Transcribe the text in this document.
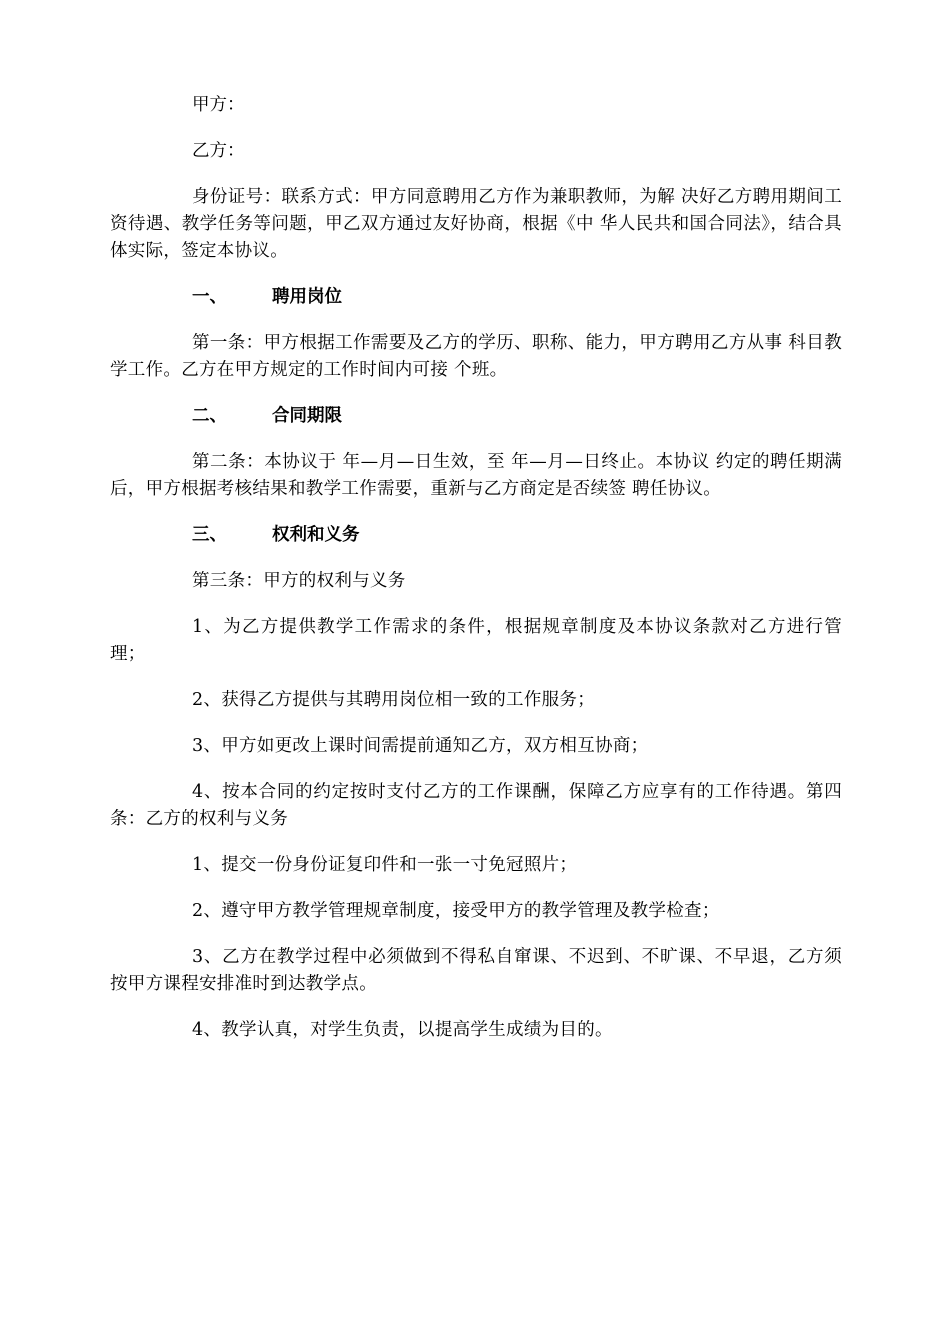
甲方：

乙方：

身份证号：联系方式：甲方同意聘用乙方作为兼职教师，为解 决好乙方聘用期间工资待遇、教学任务等问题，甲乙双方通过友好协商，根据《中 华人民共和国合同法》，结合具体实际，签定本协议。

一、	聘用岗位

第一条：甲方根据工作需要及乙方的学历、职称、能力，甲方聘用乙方从事 科目教学工作。乙方在甲方规定的工作时间内可接 个班。

二、	合同期限

第二条：本协议于 年—月—日生效，至 年—月—日终止。本协议 约定的聘任期满后，甲方根据考核结果和教学工作需要，重新与乙方商定是否续签 聘任协议。

三、	权利和义务

第三条：甲方的权利与义务

1、为乙方提供教学工作需求的条件，根据规章制度及本协议条款对乙方进行管理；

2、获得乙方提供与其聘用岗位相一致的工作服务；

3、甲方如更改上课时间需提前通知乙方，双方相互协商；

4、按本合同的约定按时支付乙方的工作课酬，保障乙方应享有的工作待遇。第四条：乙方的权利与义务

1、提交一份身份证复印件和一张一寸免冠照片；

2、遵守甲方教学管理规章制度，接受甲方的教学管理及教学检查；

3、乙方在教学过程中必须做到不得私自窜课、不迟到、不旷课、不早退，乙方须按甲方课程安排准时到达教学点。

4、教学认真，对学生负责，以提高学生成绩为目的。
